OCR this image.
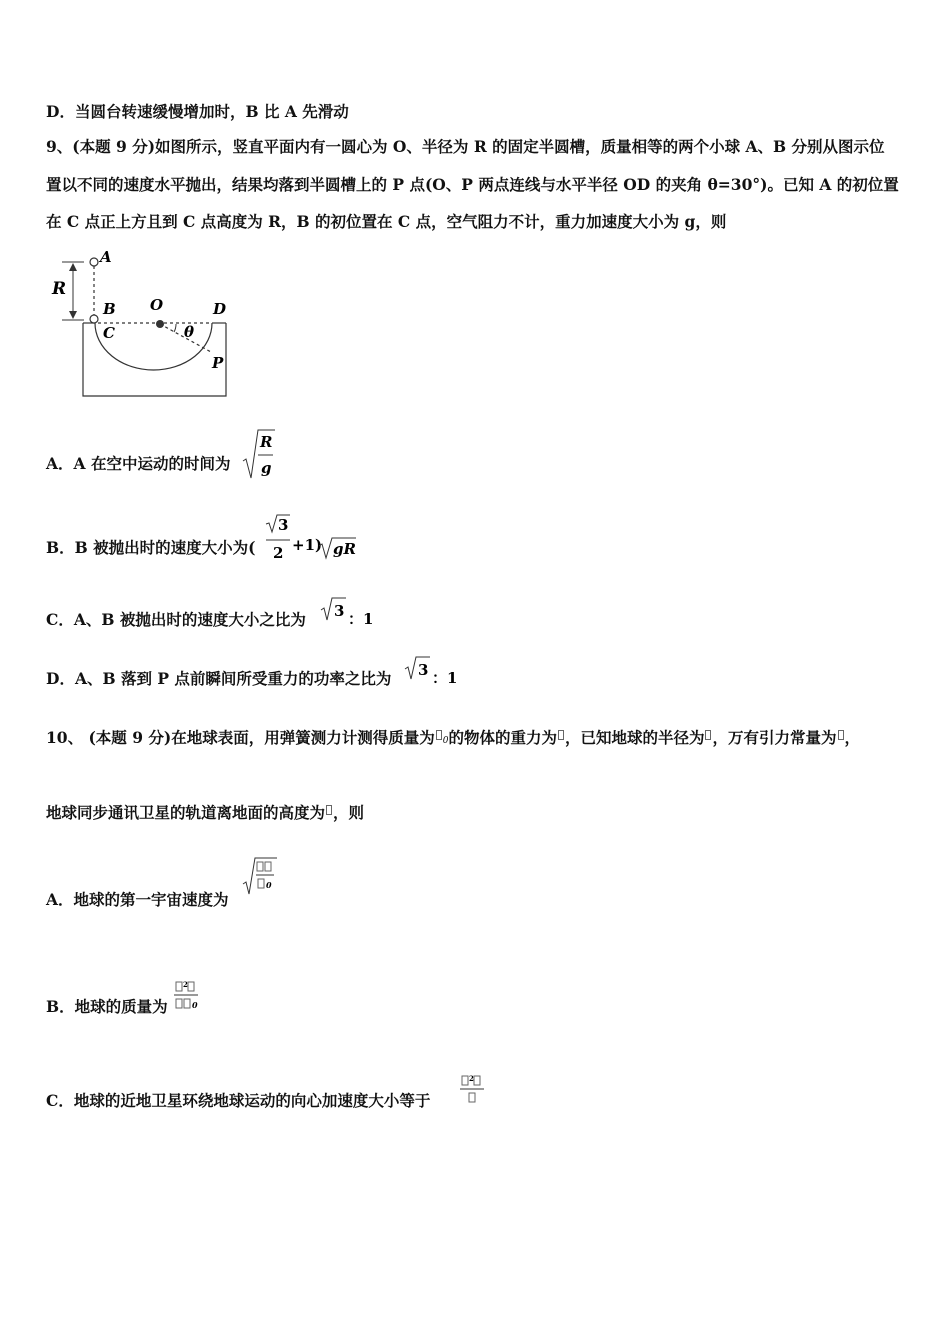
D．当圆台转速缓慢增加时，B 比 A 先滑动
9、(本题 9 分)如图所示，竖直平面内有一圆心为 O、半径为 R 的固定半圆槽，质量相等的两个小球 A、B 分别从图示位
置以不同的速度水平抛出，结果均落到半圆槽上的 P 点(O、P 两点连线与水平半径 OD 的夹角 θ=30°)。已知 A 的初位置
在 C 点正上方且到 C 点高度为 R，B 的初位置在 C 点，空气阻力不计，重力加速度大小为 g，则
R
A
B
C
O	D
θ
P
A．A 在空中运动的时间为
R
g
B．B 被抛出时的速度大小为(
3
2 +1) gR
C．A、B 被抛出时的速度大小之比为 3 ：1
D．A、B 落到 P 点前瞬间所受重力的功率之比为 3 ：1
10、 (本题 9 分)在地球表面，用弹簧测力计测得质量为 0的物体的重力为 ，已知地球的半径为 ，万有引力常量为 ，
地球同步通讯卫星的轨道离地面的高度为 ，则
A．地球的第一宇宙速度为
0
B．地球的质量为
2
0
C．地球的近地卫星环绕地球运动的向心加速度大小等于
2
